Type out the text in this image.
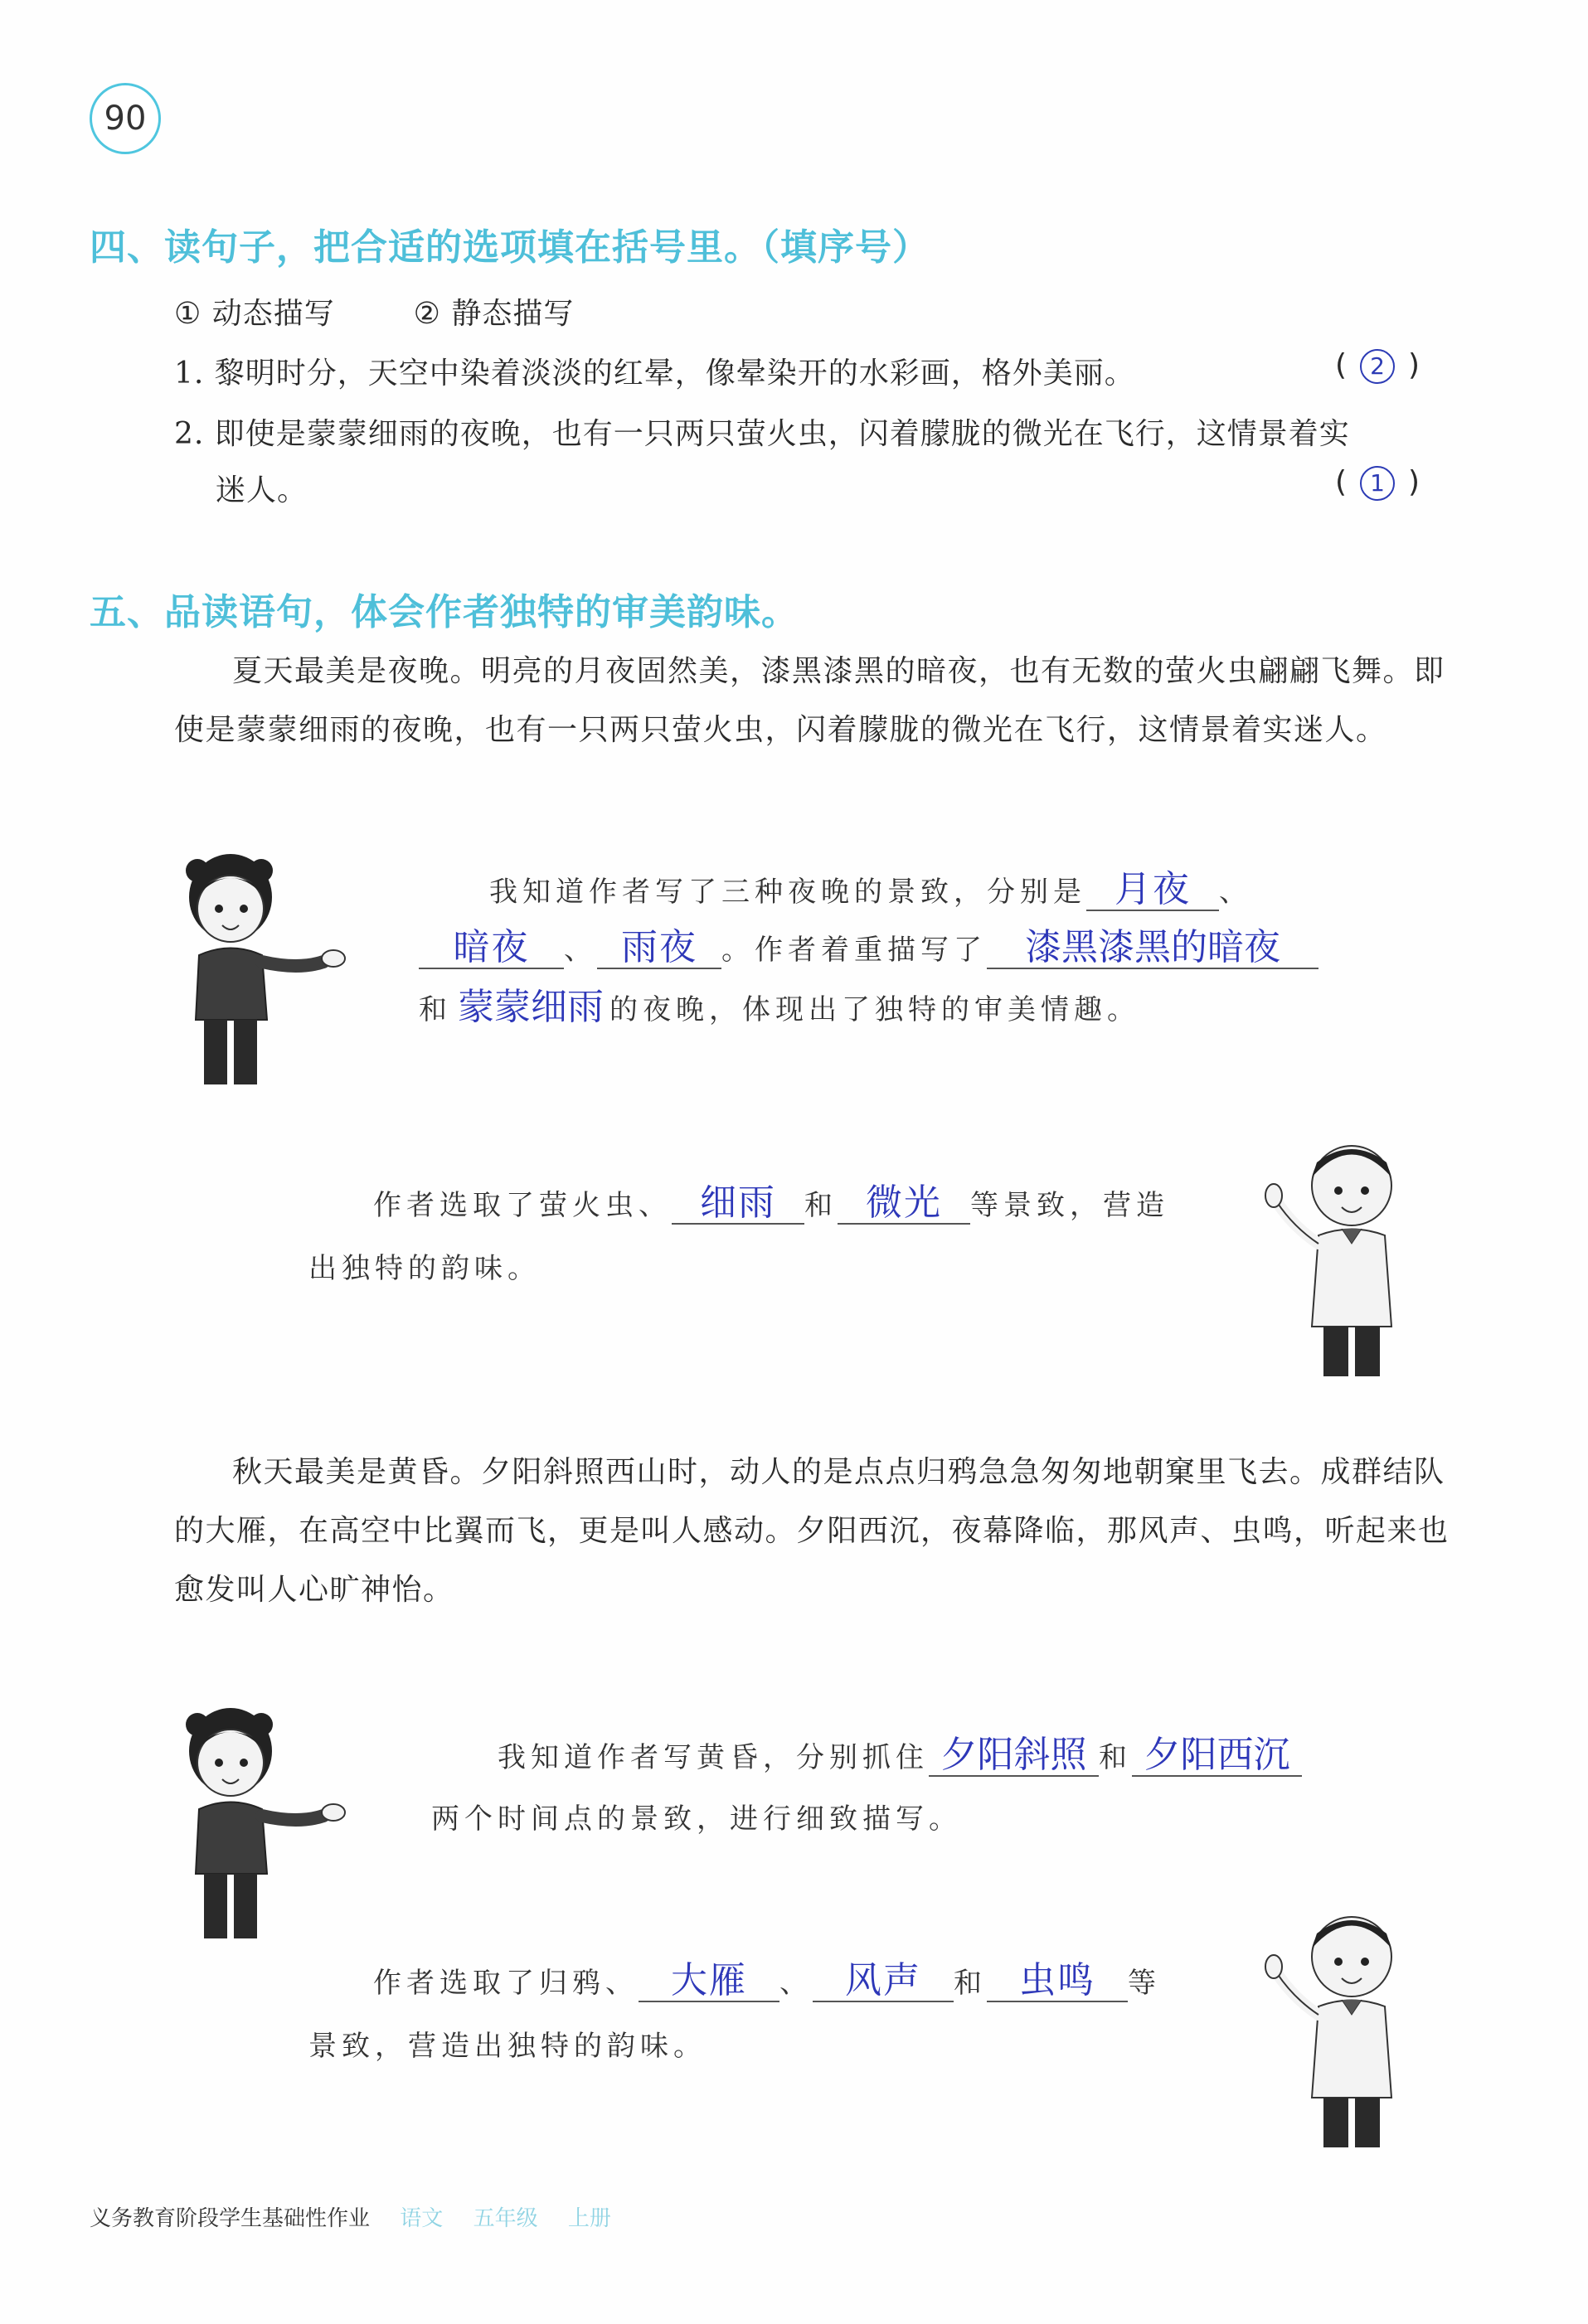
90
四、读句子，把合适的选项填在括号里。（填序号）
① 动态描写	② 静态描写
1. 黎明时分，天空中染着淡淡的红晕，像晕染开的水彩画，格外美丽。	( 2 )
2. 即使是蒙蒙细雨的夜晚，也有一只两只萤火虫，闪着朦胧的微光在飞行，这情景着实
迷人。	( 1 )
五、品读语句，体会作者独特的审美韵味。
夏天最美是夜晚。明亮的月夜固然美，漆黑漆黑的暗夜，也有无数的萤火虫翩翩飞舞。即使是蒙蒙细雨的夜晚，也有一只两只萤火虫，闪着朦胧的微光在飞行，这情景着实迷人。
我知道作者写了三种夜晚的景致，分别是 月夜 、
暗夜 、 雨夜 。作者着重描写了 漆黑漆黑的暗夜
和 蒙蒙细雨 的夜晚，体现出了独特的审美情趣。
作者选取了萤火虫、 细雨 和 微光 等景致，营造
出独特的韵味。
秋天最美是黄昏。夕阳斜照西山时，动人的是点点归鸦急急匆匆地朝窠里飞去。成群结队的大雁，在高空中比翼而飞，更是叫人感动。夕阳西沉，夜幕降临，那风声、虫鸣，听起来也愈发叫人心旷神怡。
我知道作者写黄昏，分别抓住 夕阳斜照 和 夕阳西沉
两个时间点的景致，进行细致描写。
作者选取了归鸦、 大雁 、 风声 和 虫鸣 等
景致，营造出独特的韵味。
义务教育阶段学生基础性作业 语文 五年级 上册
